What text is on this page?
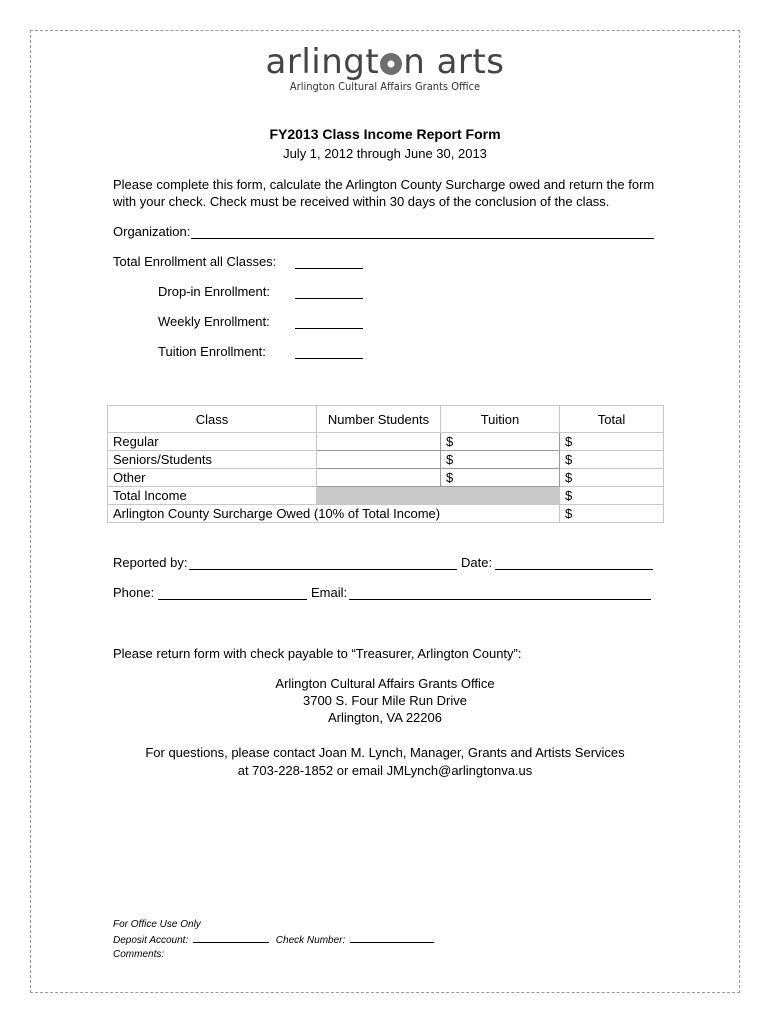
arlingt n arts
Arlington Cultural Affairs Grants Office
FY2013 Class Income Report Form
July 1, 2012 through June 30, 2013
Please complete this form, calculate the Arlington County Surcharge owed and return the form
with your check. Check must be received within 30 days of the conclusion of the class.
Organization:
Total Enrollment all Classes:
Drop-in Enrollment:
Weekly Enrollment:
Tuition Enrollment:
Class	Number Students	Tuition	Total
Regular		$	$
Seniors/Students		$	$
Other		$	$
Total Income			$
Arlington County Surcharge Owed (10% of Total Income)			$
Reported by:	Date:
Phone:	Email:
Please return form with check payable to “Treasurer, Arlington County”:
Arlington Cultural Affairs Grants Office
3700 S. Four Mile Run Drive
Arlington, VA 22206
For questions, please contact Joan M. Lynch, Manager, Grants and Artists Services
at 703-228-1852 or email JMLynch@arlingtonva.us
For Office Use Only
Deposit Account:	Check Number:
Comments:
